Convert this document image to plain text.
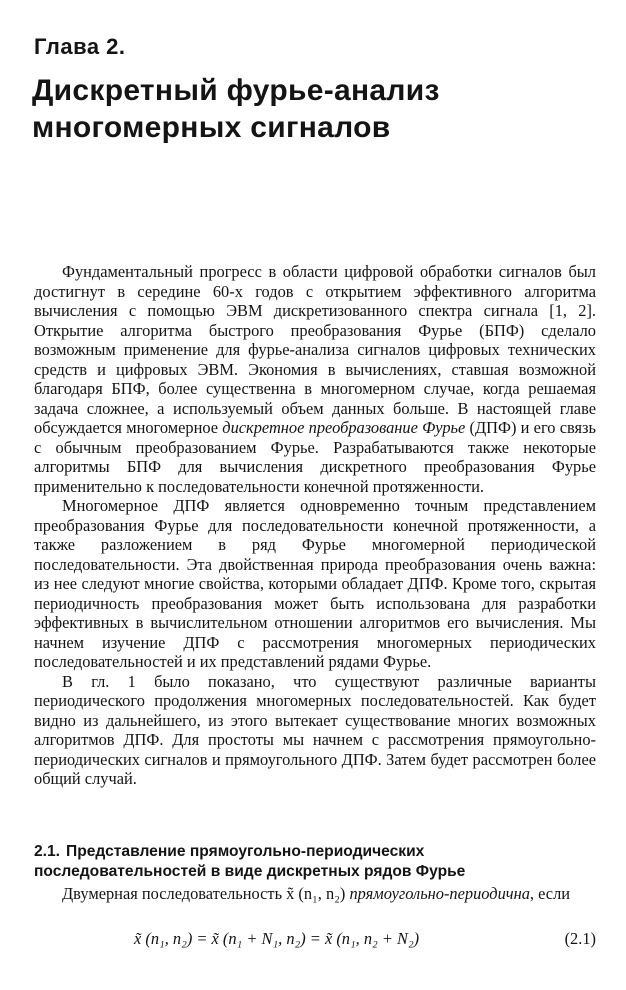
Глава 2.
Дискретный фурье-анализ многомерных сигналов

Фундаментальный прогресс в области цифровой обработки сигналов был достигнут в середине 60-х годов с открытием эффективного алгоритма вычисления с помощью ЭВМ дискретизованного спектра сигнала [1, 2]. Открытие алгоритма быстрого преобразования Фурье (БПФ) сделало возможным применение для фурье-анализа сигналов цифровых технических средств и цифровых ЭВМ. Экономия в вычислениях, ставшая возможной благодаря БПФ, более существенна в многомерном случае, когда решаемая задача сложнее, а используемый объем данных больше. В настоящей главе обсуждается многомерное дискретное преобразование Фурье (ДПФ) и его связь с обычным преобразованием Фурье. Разрабатываются также некоторые алгоритмы БПФ для вычисления дискретного преобразования Фурье применительно к последовательности конечной протяженности.

Многомерное ДПФ является одновременно точным представлением преобразования Фурье для последовательности конечной протяженности, а также разложением в ряд Фурье многомерной периодической последовательности. Эта двойственная природа преобразования очень важна: из нее следуют многие свойства, которыми обладает ДПФ. Кроме того, скрытая периодичность преобразования может быть использована для разработки эффективных в вычислительном отношении алгоритмов его вычисления. Мы начнем изучение ДПФ с рассмотрения многомерных периодических последовательностей и их представлений рядами Фурье.

В гл. 1 было показано, что существуют различные варианты периодического продолжения многомерных последовательностей. Как будет видно из дальнейшего, из этого вытекает существование многих возможных алгоритмов ДПФ. Для простоты мы начнем с рассмотрения прямоугольно-периодических сигналов и прямоугольного ДПФ. Затем будет рассмотрен более общий случай.

2.1. Представление прямоугольно-периодических последовательностей в виде дискретных рядов Фурье

Двумерная последовательность x̃ (n₁, n₂) прямоугольно-периодична, если

x̃ (n₁, n₂) = x̃ (n₁ + N₁, n₂) = x̃ (n₁, n₂ + N₂)	(2.1)
